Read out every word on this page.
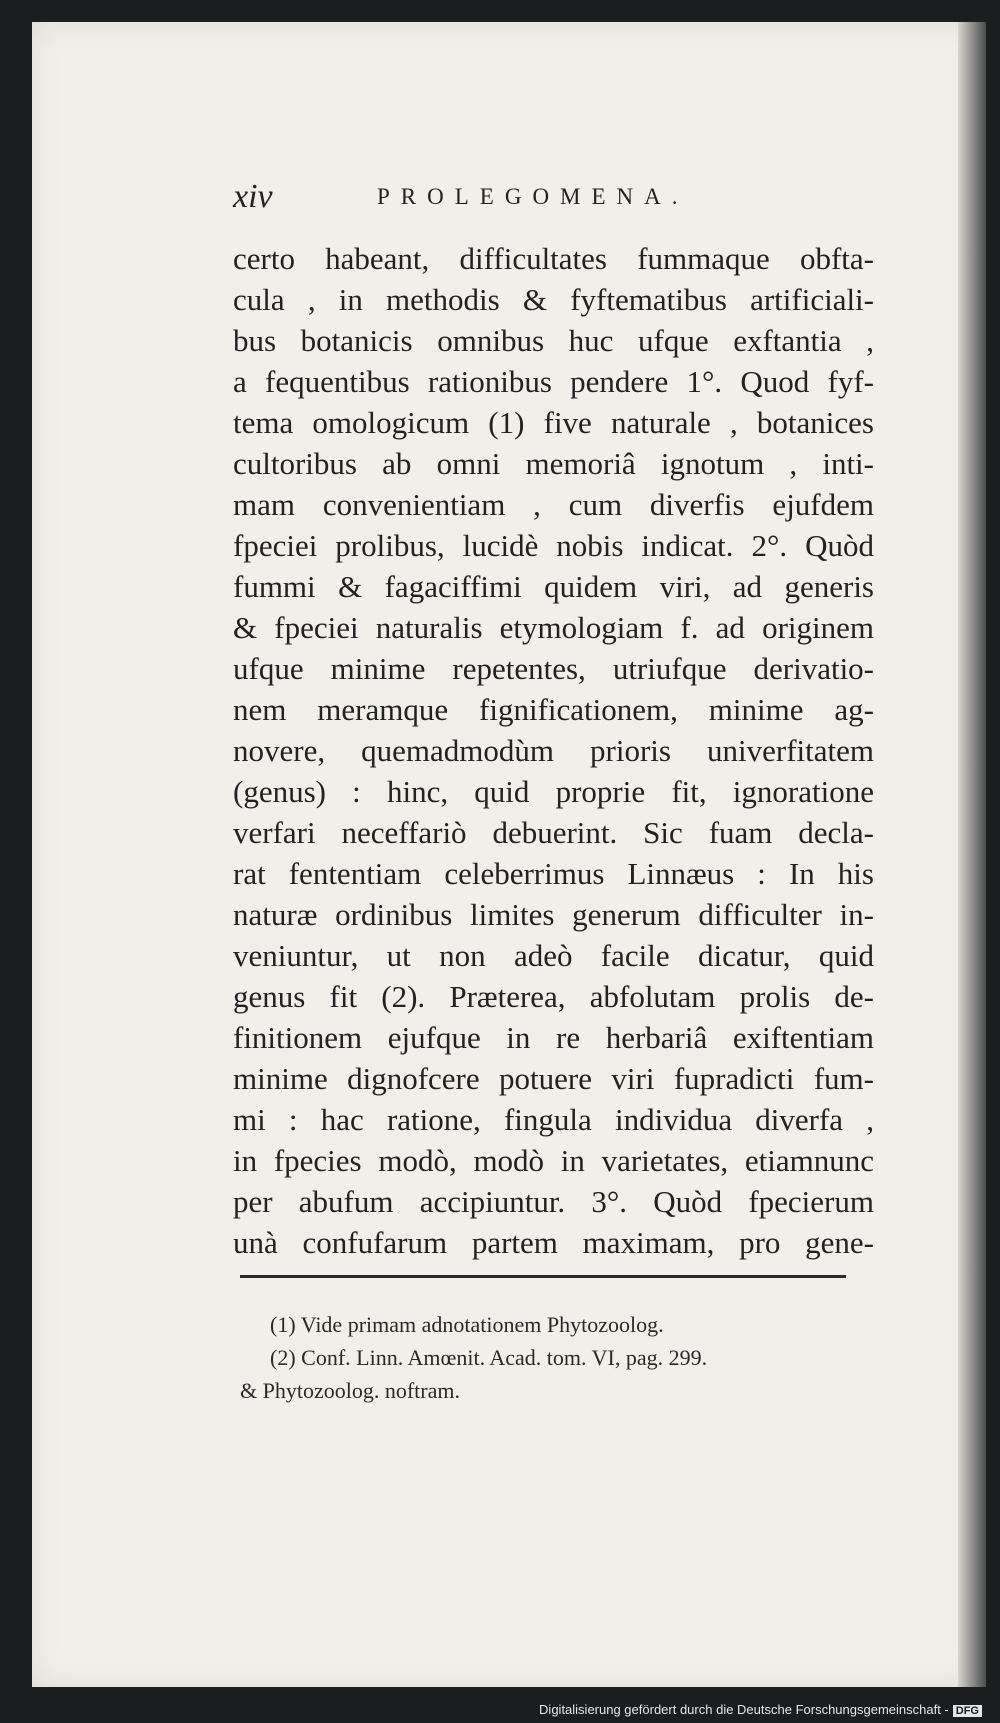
xiv	PROLEGOMENA.
certo habeant, difficultates fummaque obfta-
cula , in methodis & fyftematibus artificiali-
bus botanicis omnibus huc ufque exftantia ,
a fequentibus rationibus pendere 1°. Quod fyf-
tema omologicum (1) five naturale , botanices
cultoribus ab omni memoriâ ignotum , inti-
mam convenientiam , cum diverfis ejufdem
fpeciei prolibus, lucidè nobis indicat. 2°. Quòd
fummi & fagaciffimi quidem viri, ad generis
& fpeciei naturalis etymologiam f. ad originem
ufque minime repetentes, utriufque derivatio-
nem meramque fignificationem, minime ag-
novere, quemadmodùm prioris univerfitatem
(genus) : hinc, quid proprie fit, ignoratione
verfari neceffariò debuerint. Sic fuam decla-
rat fententiam celeberrimus Linnæus : In his
naturæ ordinibus limites generum difficulter in-
veniuntur, ut non adeò facile dicatur, quid
genus fit (2). Præterea, abfolutam prolis de-
finitionem ejufque in re herbariâ exiftentiam
minime dignofcere potuere viri fupradicti fum-
mi : hac ratione, fingula individua diverfa ,
in fpecies modò, modò in varietates, etiamnunc
per abufum accipiuntur. 3°. Quòd fpecierum
unà confufarum partem maximam, pro gene-
(1) Vide primam adnotationem Phytozoolog.
(2) Conf. Linn. Amœnit. Acad. tom. VI, pag. 299.
& Phytozoolog. noftram.
Digitalisierung gefördert durch die Deutsche Forschungsgemeinschaft - DFG
